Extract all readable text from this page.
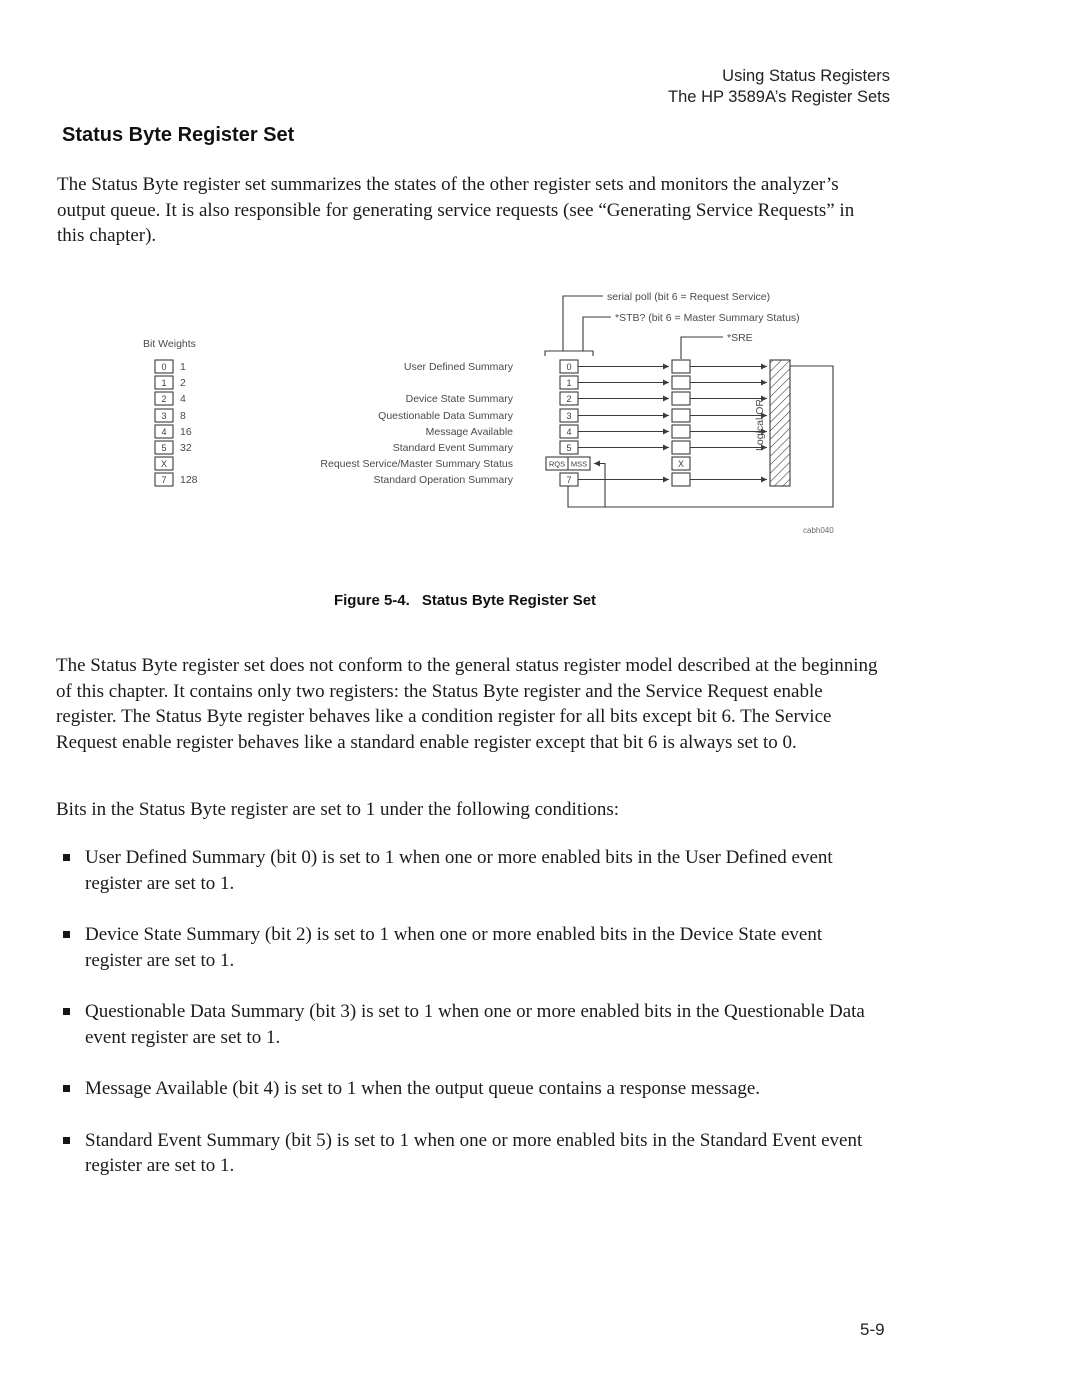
Using Status Registers
The HP 3589A’s Register Sets
Status Byte Register Set

The Status Byte register set summarizes the states of the other register sets and monitors the analyzer’s output queue. It is also responsible for generating service requests (see “Generating Service Requests” in this chapter).

serial poll (bit 6 = Request Service)
*STB? (bit 6 = Master Summary Status)
*SRE
Bit Weights
0 1
1 2
2 4
3 8
4 16
5 32
X
7 128
User Defined Summary
Device State Summary
Questionable Data Summary
Message Available
Standard Event Summary
Request Service/Master Summary Status
Standard Operation Summary
0
1
2
3
4
5
RQS MSS
7
X
Logical OR
cabh040
Figure 5-4. Status Byte Register Set

The Status Byte register set does not conform to the general status register model described at the beginning of this chapter. It contains only two registers: the Status Byte register and the Service Request enable register. The Status Byte register behaves like a condition register for all bits except bit 6. The Service Request enable register behaves like a standard enable register except that bit 6 is always set to 0.

Bits in the Status Byte register are set to 1 under the following conditions:

User Defined Summary (bit 0) is set to 1 when one or more enabled bits in the User Defined event register are set to 1.
Device State Summary (bit 2) is set to 1 when one or more enabled bits in the Device State event register are set to 1.
Questionable Data Summary (bit 3) is set to 1 when one or more enabled bits in the Questionable Data event register are set to 1.
Message Available (bit 4) is set to 1 when the output queue contains a response message.
Standard Event Summary (bit 5) is set to 1 when one or more enabled bits in the Standard Event event register are set to 1.
5-9
